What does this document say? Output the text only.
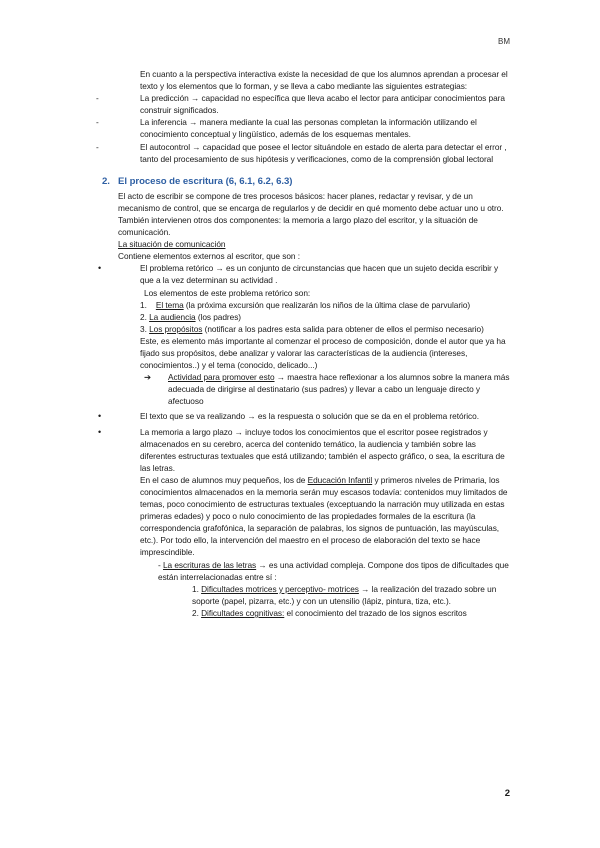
BM

En cuanto a la perspectiva interactiva existe la necesidad de que los alumnos aprendan a procesar el texto y los elementos que lo forman, y se lleva a cabo mediante las siguientes estrategias:

-	La predicción → capacidad no específica que lleva acabo el lector para anticipar conocimientos para construir significados.
-	La inferencia → manera mediante la cual las personas completan la información utilizando el conocimiento conceptual y lingüístico, además de los esquemas mentales.
-	El autocontrol → capacidad que posee el lector situándole en estado de alerta para detectar el error , tanto del procesamiento de sus hipótesis y verificaciones, como de la comprensión global lectoral
2. El proceso de escritura (6, 6.1, 6.2, 6.3)

El acto de escribir se compone de tres procesos básicos: hacer planes, redactar y revisar, y de un mecanismo de control, que se encarga de regularlos y de decidir en qué momento debe actuar uno u otro.

También intervienen otros dos componentes: la memoria a largo plazo del escritor, y la situación de comunicación.

La situación de comunicación

Contiene elementos externos al escritor, que son :

•	El problema retórico → es un conjunto de circunstancias que hacen que un sujeto decida escribir y que a la vez determinan su actividad .

Los elementos de este problema retórico son:

1. El tema (la próxima excursión que realizarán los niños de la última clase de parvulario)

2. La audiencia (los padres)

3. Los propósitos (notificar a los padres esta salida para obtener de ellos el permiso necesario)

Este, es elemento más importante al comenzar el proceso de composición, donde el autor que ya ha fijado sus propósitos, debe analizar y valorar las características de la audiencia (intereses, conocimientos..) y el tema (conocido, delicado...)

➔ Actividad para promover esto → maestra hace reflexionar a los alumnos sobre la manera más adecuada de dirigirse al destinatario (sus padres) y llevar a cabo un lenguaje directo y afectuoso
•	El texto que se va realizando → es la respuesta o solución que se da en el problema retórico.

•	La memoria a largo plazo → incluye todos los conocimientos que el escritor posee registrados y almacenados en su cerebro, acerca del contenido temático, la audiencia y también sobre las diferentes estructuras textuales que está utilizando; también el aspecto gráfico, o sea, la escritura de las letras.

En el caso de alumnos muy pequeños, los de Educación Infantil y primeros niveles de Primaria, los conocimientos almacenados en la memoria serán muy escasos todavía: contenidos muy limitados de temas, poco conocimiento de estructuras textuales (exceptuando la narración muy utilizada en estas primeras edades) y poco o nulo conocimiento de las propiedades formales de la escritura (la correspondencia grafofónica, la separación de palabras, los signos de puntuación, las mayúsculas, etc.). Por todo ello, la intervención del maestro en el proceso de elaboración del texto se hace imprescindible.

- La escrituras de las letras → es una actividad compleja. Compone dos tipos de dificultades que están interrelacionadas entre sí :

1. Dificultades motrices y perceptivo- motrices → la realización del trazado sobre un soporte (papel, pizarra, etc.) y con un utensilio (lápiz, pintura, tiza, etc.).

2. Dificultades cognitivas: el conocimiento del trazado de los signos escritos

2
